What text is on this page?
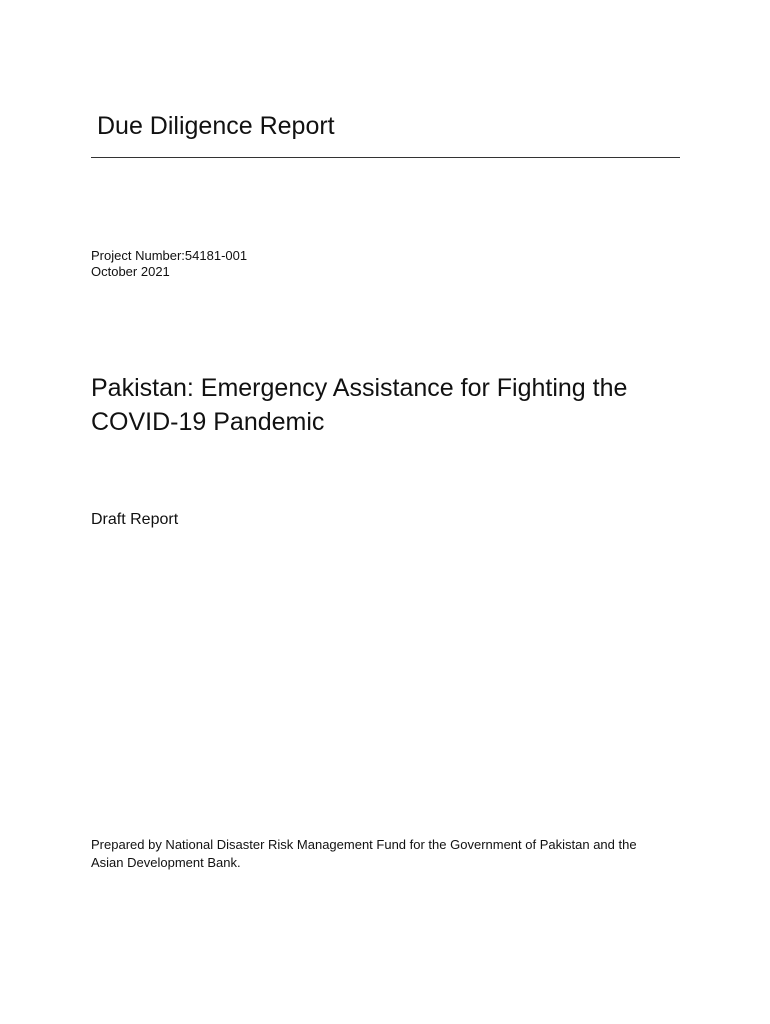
Due Diligence Report
Project Number:54181-001
October 2021
Pakistan: Emergency Assistance for Fighting the
COVID-19 Pandemic
Draft Report
Prepared by National Disaster Risk Management Fund for the Government of Pakistan and the
Asian Development Bank.
